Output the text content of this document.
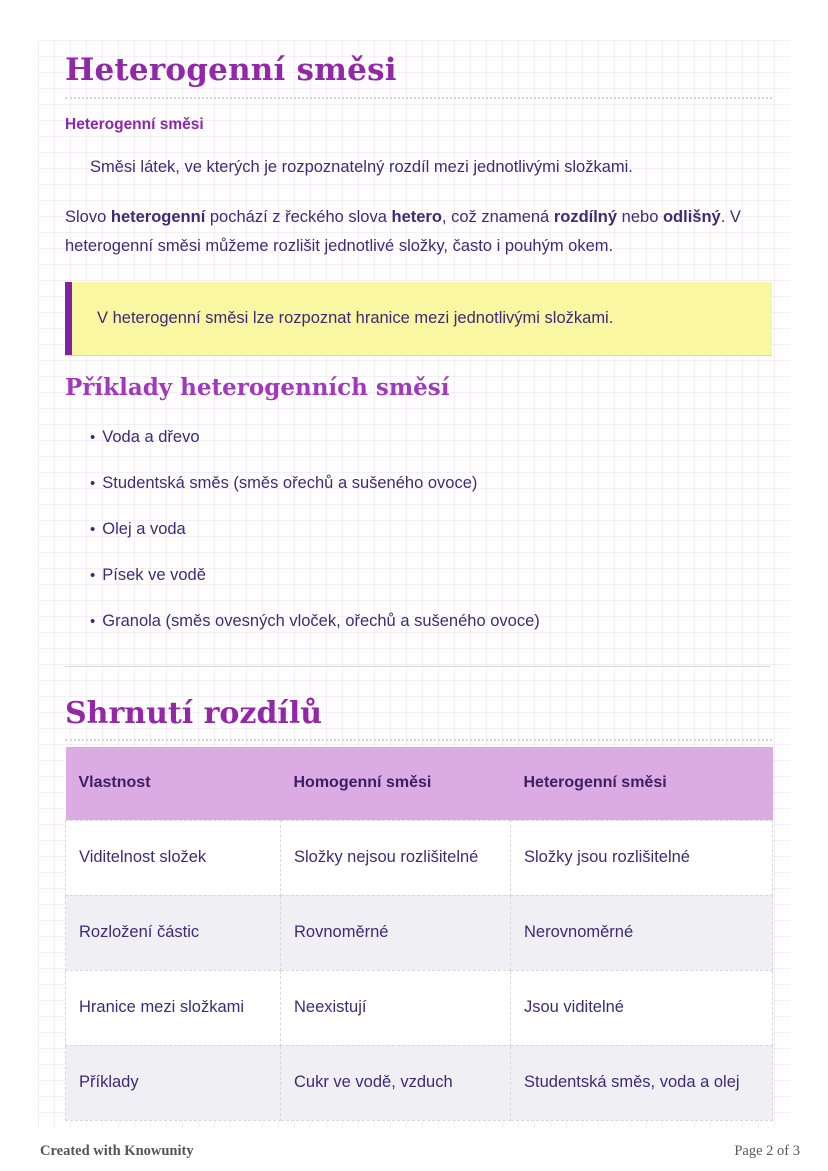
Heterogenní směsi
Heterogenní směsi
Směsi látek, ve kterých je rozpoznatelný rozdíl mezi jednotlivými složkami.

Slovo heterogenní pochází z řeckého slova hetero, což znamená rozdílný nebo odlišný. V heterogenní směsi můžeme rozlišit jednotlivé složky, často i pouhým okem.

V heterogenní směsi lze rozpoznat hranice mezi jednotlivými složkami.
Příklady heterogenních směsí
• Voda a dřevo
• Studentská směs (směs ořechů a sušeného ovoce)
• Olej a voda
• Písek ve vodě
• Granola (směs ovesných vloček, ořechů a sušeného ovoce)
Shrnutí rozdílů
Vlastnost	Homogenní směsi	Heterogenní směsi
Viditelnost složek	Složky nejsou rozlišitelné	Složky jsou rozlišitelné
Rozložení částic	Rovnoměrné	Nerovnoměrné
Hranice mezi složkami	Neexistují	Jsou viditelné
Příklady	Cukr ve vodě, vzduch	Studentská směs, voda a olej
Created with Knowunity	Page 2 of 3
